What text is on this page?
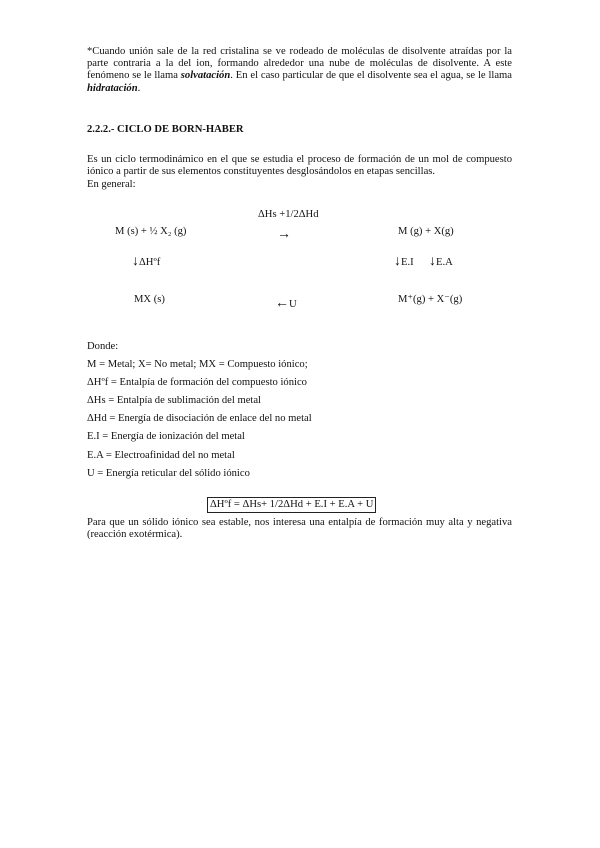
*Cuando unión sale de la red cristalina se ve rodeado de moléculas de disolvente atraídas por la parte contraria a la del ion, formando alrededor una nube de moléculas de disolvente. A este fenómeno se le llama solvatación. En el caso particular de que el disolvente sea el agua, se le llama hidratación.

2.2.2.- CICLO DE BORN-HABER

Es un ciclo termodinámico en el que se estudia el proceso de formación de un mol de compuesto iónico a partir de sus elementos constituyentes desglosándolos en etapas sencillas.

En general:

ΔHs +1/2ΔHd
M (s) + ½ X₂ (g)	→	M (g) + X(g)
↓ΔHºf	↓E.I ↓E.A
MX (s)	←U	M⁺(g) + X⁻(g)
Donde:
M = Metal; X= No metal; MX = Compuesto iónico;
ΔHºf = Entalpía de formación del compuesto iónico
ΔHs = Entalpía de sublimación del metal
ΔHd = Energía de disociación de enlace del no metal
E.I = Energía de ionización del metal
E.A = Electroafinidad del no metal
U = Energía reticular del sólido iónico
ΔHºf = ΔHs+ 1/2ΔHd + E.I + E.A + U

Para que un sólido iónico sea estable, nos interesa una entalpía de formación muy alta y negativa (reacción exotérmica).
